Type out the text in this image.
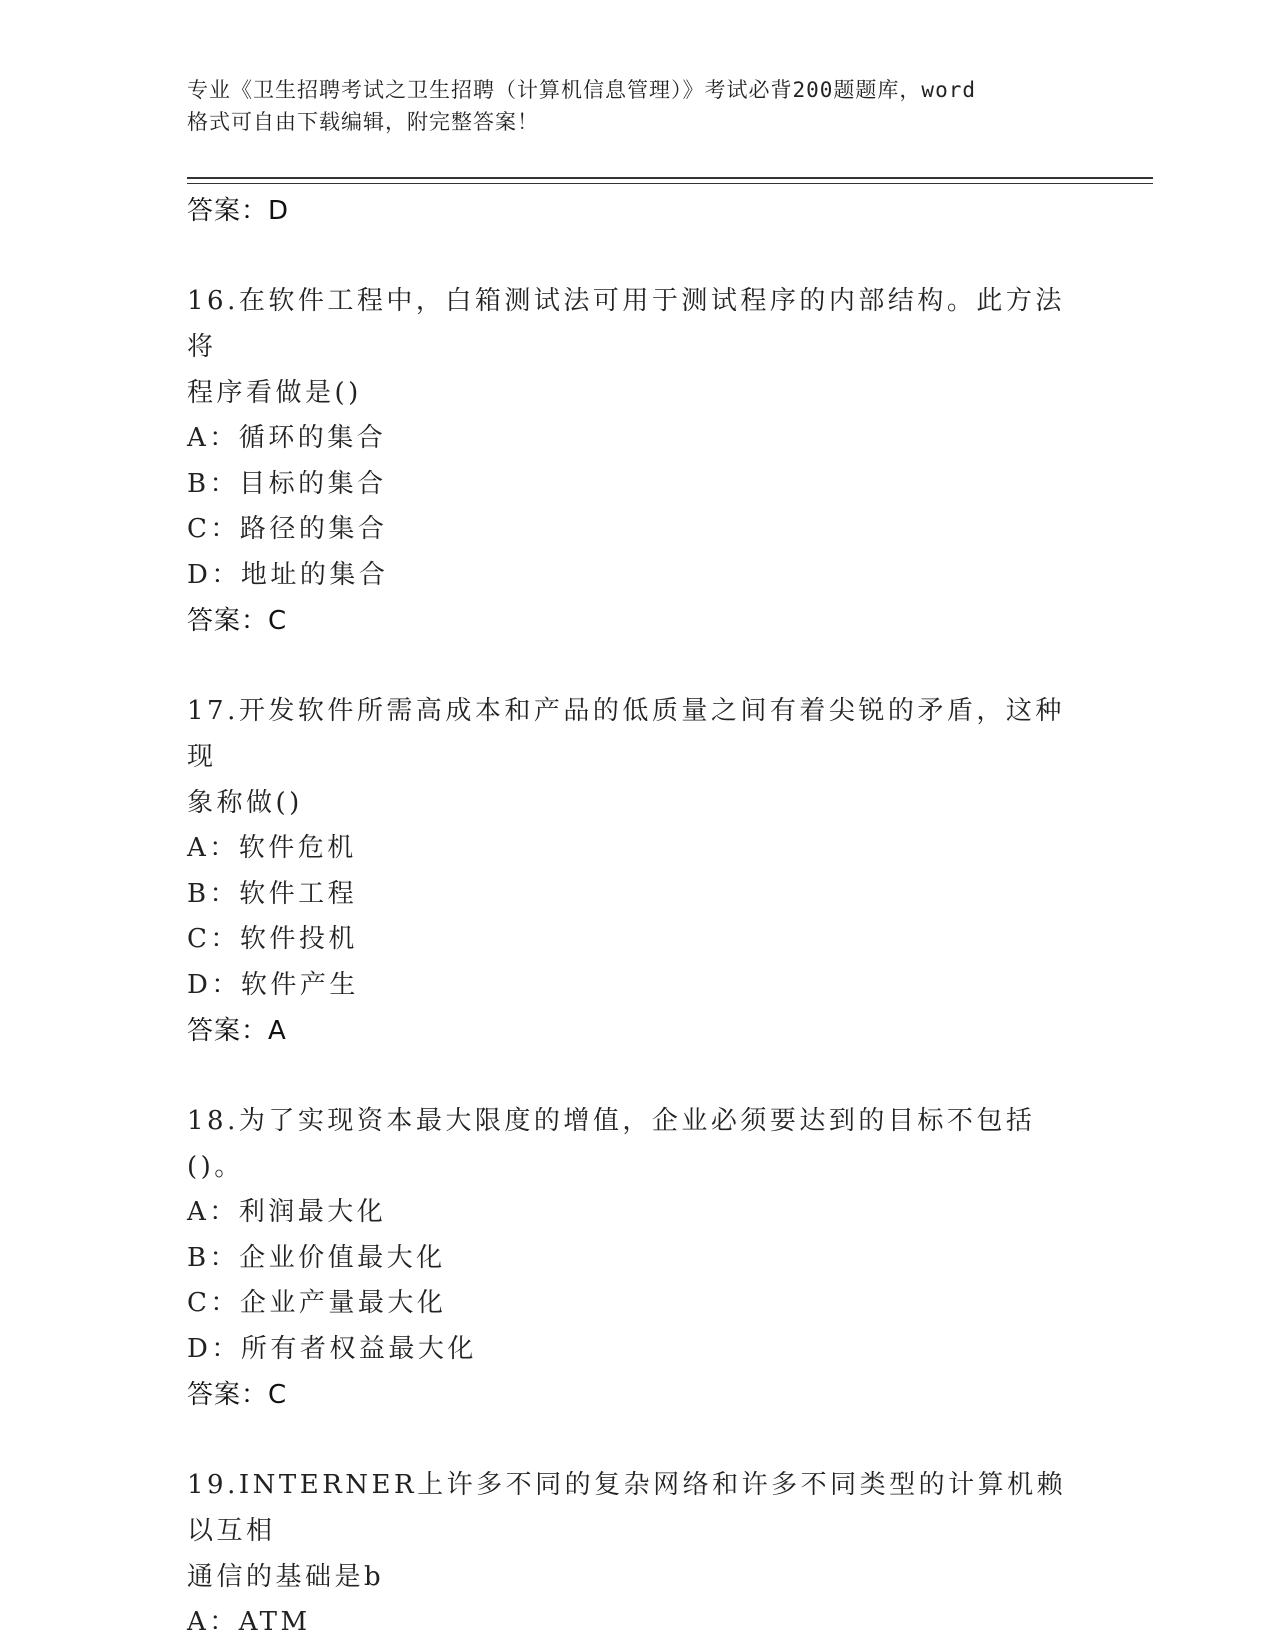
专业《卫生招聘考试之卫生招聘（计算机信息管理）》考试必背200题题库，word
格式可自由下载编辑，附完整答案！
答案：D
16.在软件工程中，白箱测试法可用于测试程序的内部结构。此方法将
程序看做是()
A：循环的集合
B：目标的集合
C：路径的集合
D：地址的集合
答案：C
17.开发软件所需高成本和产品的低质量之间有着尖锐的矛盾，这种现
象称做()
A：软件危机
B：软件工程
C：软件投机
D：软件产生
答案：A
18.为了实现资本最大限度的增值，企业必须要达到的目标不包括()。
A：利润最大化
B：企业价值最大化
C：企业产量最大化
D：所有者权益最大化
答案：C
19.INTERNER上许多不同的复杂网络和许多不同类型的计算机赖以互相
通信的基础是b
A：ATM
